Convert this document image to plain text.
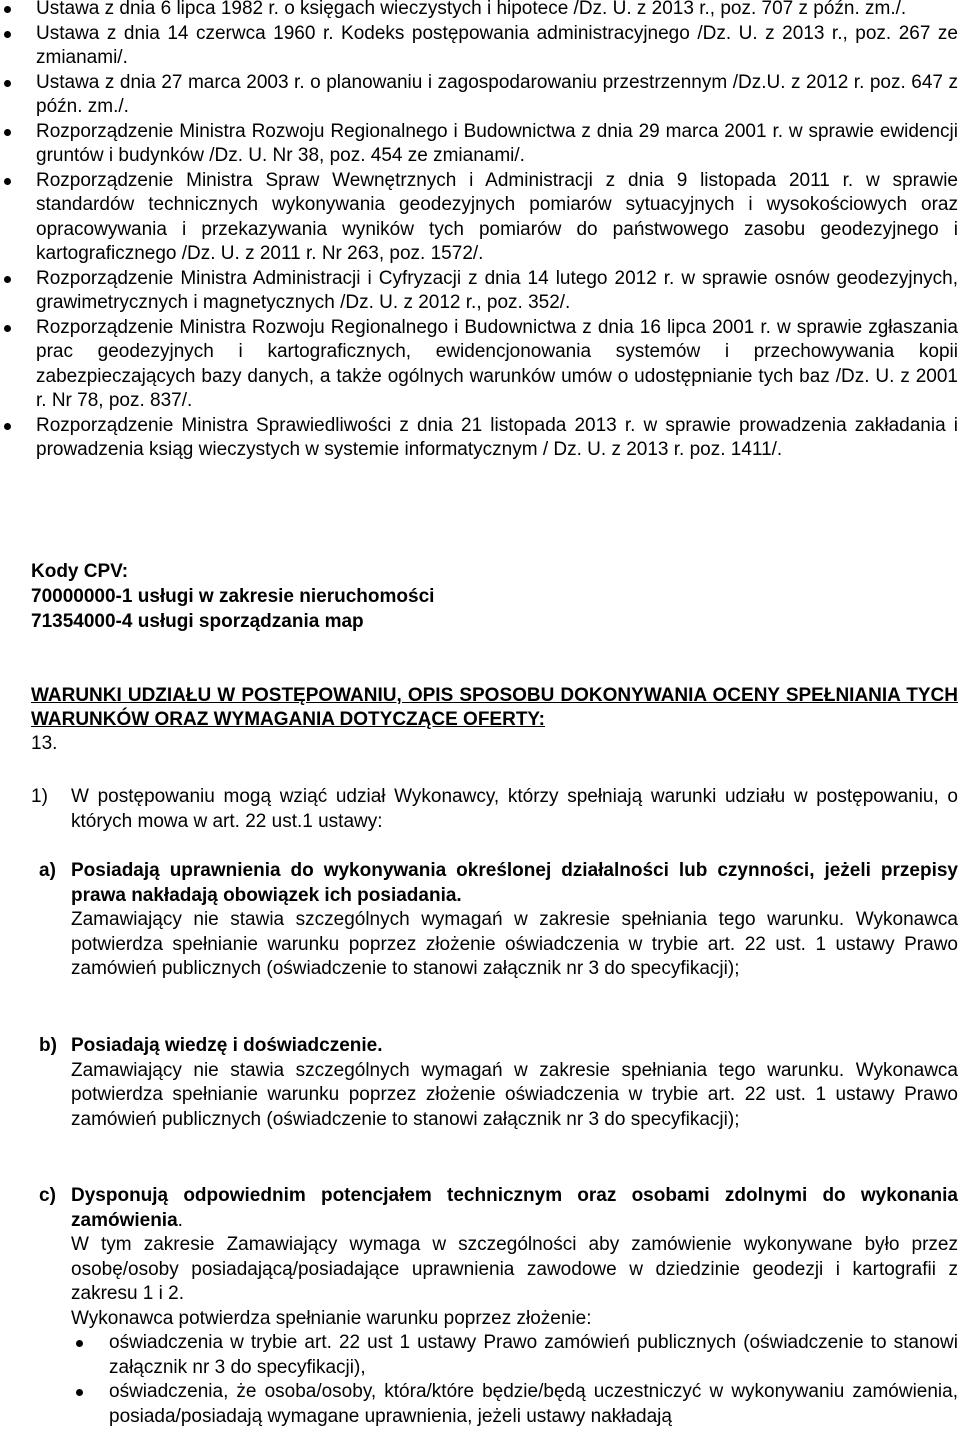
Ustawa z dnia 6 lipca 1982 r. o księgach wieczystych i hipotece /Dz. U. z 2013 r., poz. 707 z późn. zm./.
Ustawa z dnia 14 czerwca 1960 r. Kodeks postępowania administracyjnego /Dz. U. z 2013 r., poz. 267 ze zmianami/.
Ustawa z dnia 27 marca 2003 r. o planowaniu i zagospodarowaniu przestrzennym /Dz.U. z 2012 r. poz. 647 z późn. zm./.
Rozporządzenie Ministra Rozwoju Regionalnego i Budownictwa z dnia 29 marca 2001 r. w sprawie ewidencji gruntów i budynków /Dz. U. Nr 38, poz. 454 ze zmianami/.
Rozporządzenie Ministra Spraw Wewnętrznych i Administracji z dnia 9 listopada 2011 r. w sprawie standardów technicznych wykonywania geodezyjnych pomiarów sytuacyjnych i wysokościowych oraz opracowywania i przekazywania wyników tych pomiarów do państwowego zasobu geodezyjnego i kartograficznego /Dz. U. z 2011 r. Nr 263, poz. 1572/.
Rozporządzenie Ministra Administracji i Cyfryzacji z dnia 14 lutego 2012 r. w sprawie osnów geodezyjnych, grawimetrycznych i magnetycznych /Dz. U. z 2012 r., poz. 352/.
Rozporządzenie Ministra Rozwoju Regionalnego i Budownictwa z dnia 16 lipca 2001 r. w sprawie zgłaszania prac geodezyjnych i kartograficznych, ewidencjonowania systemów i przechowywania kopii zabezpieczających bazy danych, a także ogólnych warunków umów o udostępnianie tych baz /Dz. U. z 2001 r. Nr 78, poz. 837/.
Rozporządzenie Ministra Sprawiedliwości z dnia 21 listopada 2013 r. w sprawie prowadzenia zakładania i prowadzenia ksiąg wieczystych w systemie informatycznym / Dz. U. z 2013 r. poz. 1411/.
Kody CPV:
70000000-1 usługi w zakresie nieruchomości
71354000-4 usługi sporządzania map
WARUNKI UDZIAŁU W POSTĘPOWANIU, OPIS SPOSOBU DOKONYWANIA OCENY SPEŁNIANIA TYCH WARUNKÓW ORAZ WYMAGANIA DOTYCZĄCE OFERTY:
13.
1) W postępowaniu mogą wziąć udział Wykonawcy, którzy spełniają warunki udziału w postępowaniu, o których mowa w art. 22 ust.1 ustawy:
a) Posiadają uprawnienia do wykonywania określonej działalności lub czynności, jeżeli przepisy prawa nakładają obowiązek ich posiadania.
Zamawiający nie stawia szczególnych wymagań w zakresie spełniania tego warunku. Wykonawca potwierdza spełnianie warunku poprzez złożenie oświadczenia w trybie art. 22 ust. 1 ustawy Prawo zamówień publicznych (oświadczenie to stanowi załącznik nr 3 do specyfikacji);
b) Posiadają wiedzę i doświadczenie.
Zamawiający nie stawia szczególnych wymagań w zakresie spełniania tego warunku. Wykonawca potwierdza spełnianie warunku poprzez złożenie oświadczenia w trybie art. 22 ust. 1 ustawy Prawo zamówień publicznych (oświadczenie to stanowi załącznik nr 3 do specyfikacji);
c) Dysponują odpowiednim potencjałem technicznym oraz osobami zdolnymi do wykonania zamówienia.
W tym zakresie Zamawiający wymaga w szczególności aby zamówienie wykonywane było przez osobę/osoby posiadającą/posiadające uprawnienia zawodowe w dziedzinie geodezji i kartografii z zakresu 1 i 2.
Wykonawca potwierdza spełnianie warunku poprzez złożenie:
oświadczenia w trybie art. 22 ust 1 ustawy Prawo zamówień publicznych (oświadczenie to stanowi załącznik nr 3 do specyfikacji),
oświadczenia, że osoba/osoby, która/które będzie/będą uczestniczyć w wykonywaniu zamówienia, posiada/posiadają wymagane uprawnienia, jeżeli ustawy nakładają
